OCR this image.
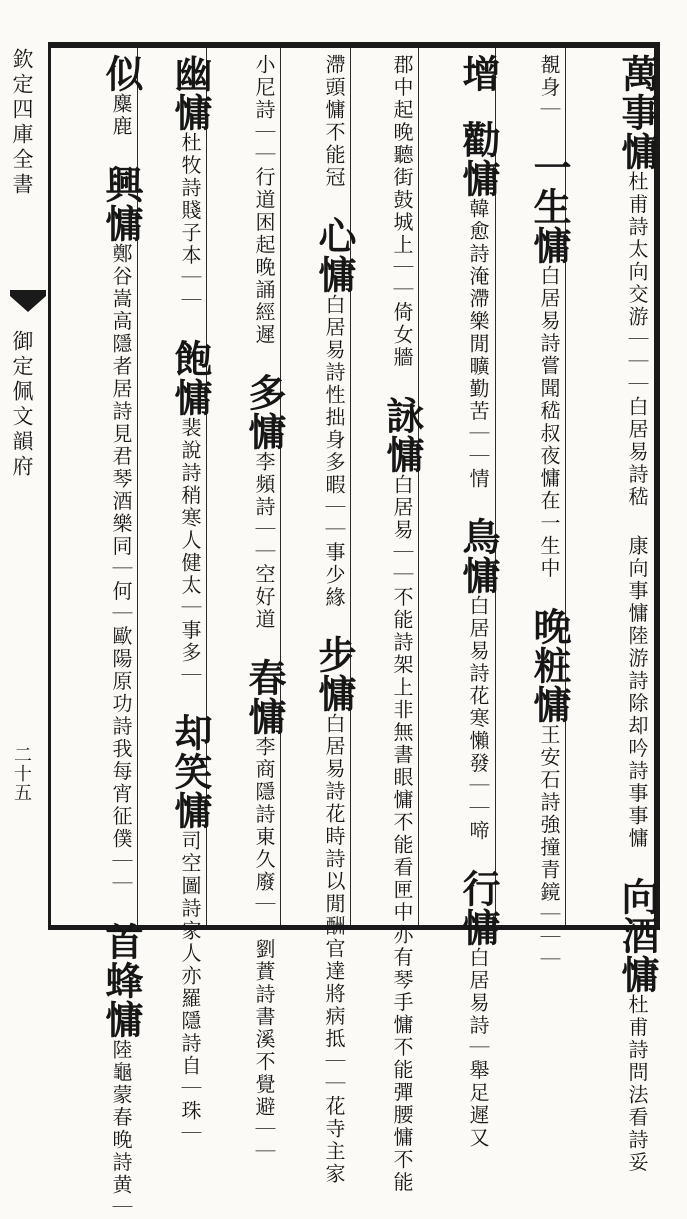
欽定四庫全書
御定佩文韻府
二十五
萬事慵杜甫詩太向交游｜｜｜白居易詩嵇 康向事慵陸游詩除却吟詩事事慵 向酒慵杜甫詩問法看詩妥
覩身｜ 一生慵白居易詩嘗聞嵇叔夜慵在一生中 晚粧慵王安石詩強撞青鏡｜｜｜
增 勸慵韓愈詩淹滯樂閒曠勤苦｜｜情 鳥慵白居易詩花寒懶發｜｜啼 行慵白居易詩｜舉足遲又
郡中起晚聽街鼓城上｜｜倚女牆 詠慵白居易｜｜不能詩架上非無書眼慵不能看匣中亦有琴手慵不能彈腰慵不能
滯頭慵不能冠 心慵白居易詩性拙身多暇｜｜事少緣 步慵白居易詩花時詩以閒酬官達將病抵｜｜花寺主家
小尼詩｜｜行道困起晚誦經遲 多慵李頻詩｜｜空好道 春慵李商隱詩東久廢｜｜劉蕡詩書溪不覺避｜｜
幽慵杜牧詩賤子本｜｜ 飽慵裴說詩稍寒人健太｜事多｜ 却笑慵司空圖詩家人亦羅隱詩自｜珠｜
似麋鹿 興慵鄭谷嵩高隱者居詩見君琴酒樂同｜何｜歐陽原功詩我每宵征僕｜｜ 首蜂慵陸龜蒙春晚詩黄｜
